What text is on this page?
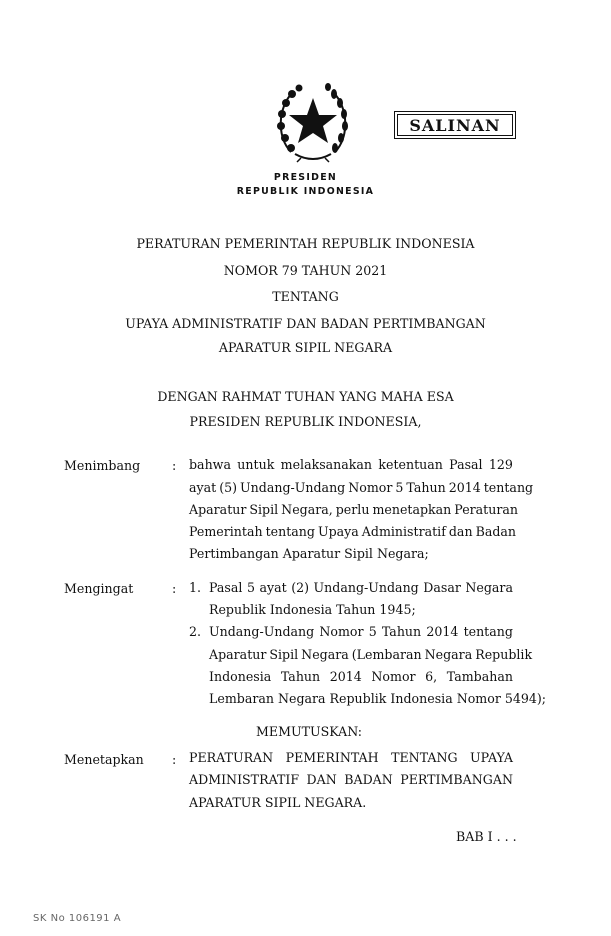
SALINAN
PRESIDEN
REPUBLIK INDONESIA
PERATURAN PEMERINTAH REPUBLIK INDONESIA
NOMOR 79 TAHUN 2021
TENTANG
UPAYA ADMINISTRATIF DAN BADAN PERTIMBANGAN
APARATUR SIPIL NEGARA
DENGAN RAHMAT TUHAN YANG MAHA ESA
PRESIDEN REPUBLIK INDONESIA,
Menimbang	: bahwa untuk melaksanakan ketentuan Pasal 129
ayat (5) Undang-Undang Nomor 5 Tahun 2014 tentang
Aparatur Sipil Negara, perlu menetapkan Peraturan
Pemerintah tentang Upaya Administratif dan Badan
Pertimbangan Aparatur Sipil Negara;
Mengingat	: 1. Pasal 5 ayat (2) Undang-Undang Dasar Negara
Republik Indonesia Tahun 1945;
2. Undang-Undang Nomor 5 Tahun 2014 tentang
Aparatur Sipil Negara (Lembaran Negara Republik
Indonesia Tahun 2014 Nomor 6, Tambahan
Lembaran Negara Republik Indonesia Nomor 5494);
MEMUTUSKAN:
Menetapkan : PERATURAN PEMERINTAH TENTANG UPAYA
ADMINISTRATIF DAN BADAN PERTIMBANGAN
APARATUR SIPIL NEGARA.
BAB I . . .
SK No 106191 A
